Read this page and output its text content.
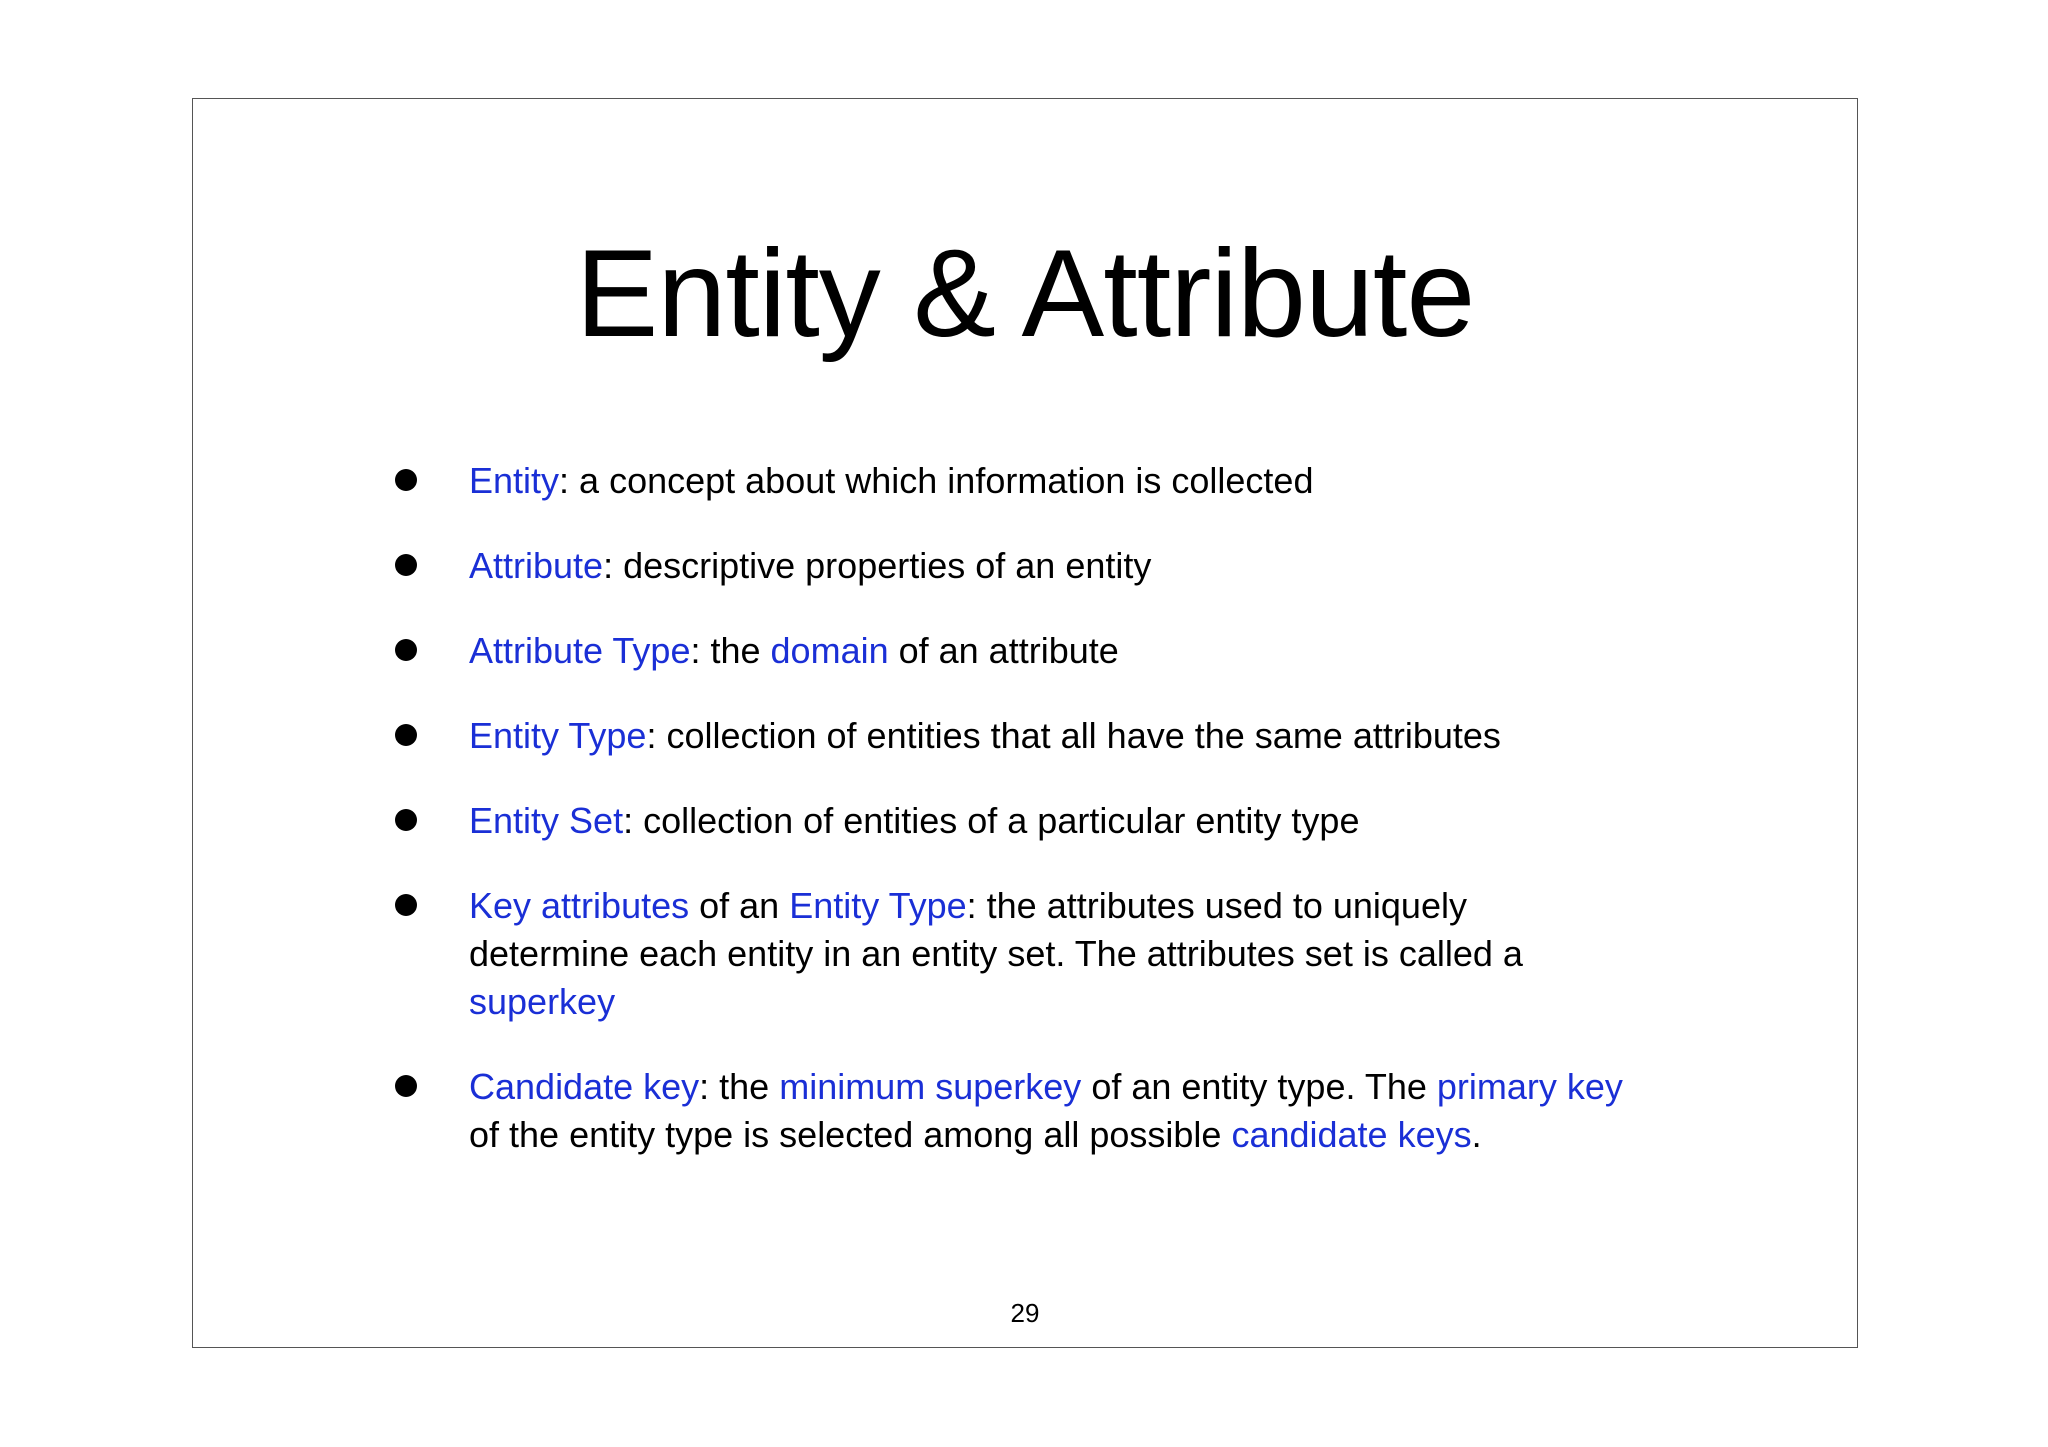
Entity & Attribute
Entity: a concept about which information is collected
Attribute: descriptive properties of an entity
Attribute Type: the domain of an attribute
Entity Type: collection of entities that all have the same attributes
Entity Set: collection of entities of a particular entity type
Key attributes of an Entity Type: the attributes used to uniquely determine each entity in an entity set. The attributes set is called a superkey
Candidate key: the minimum superkey of an entity type. The primary key of the entity type is selected among all possible candidate keys.
29
